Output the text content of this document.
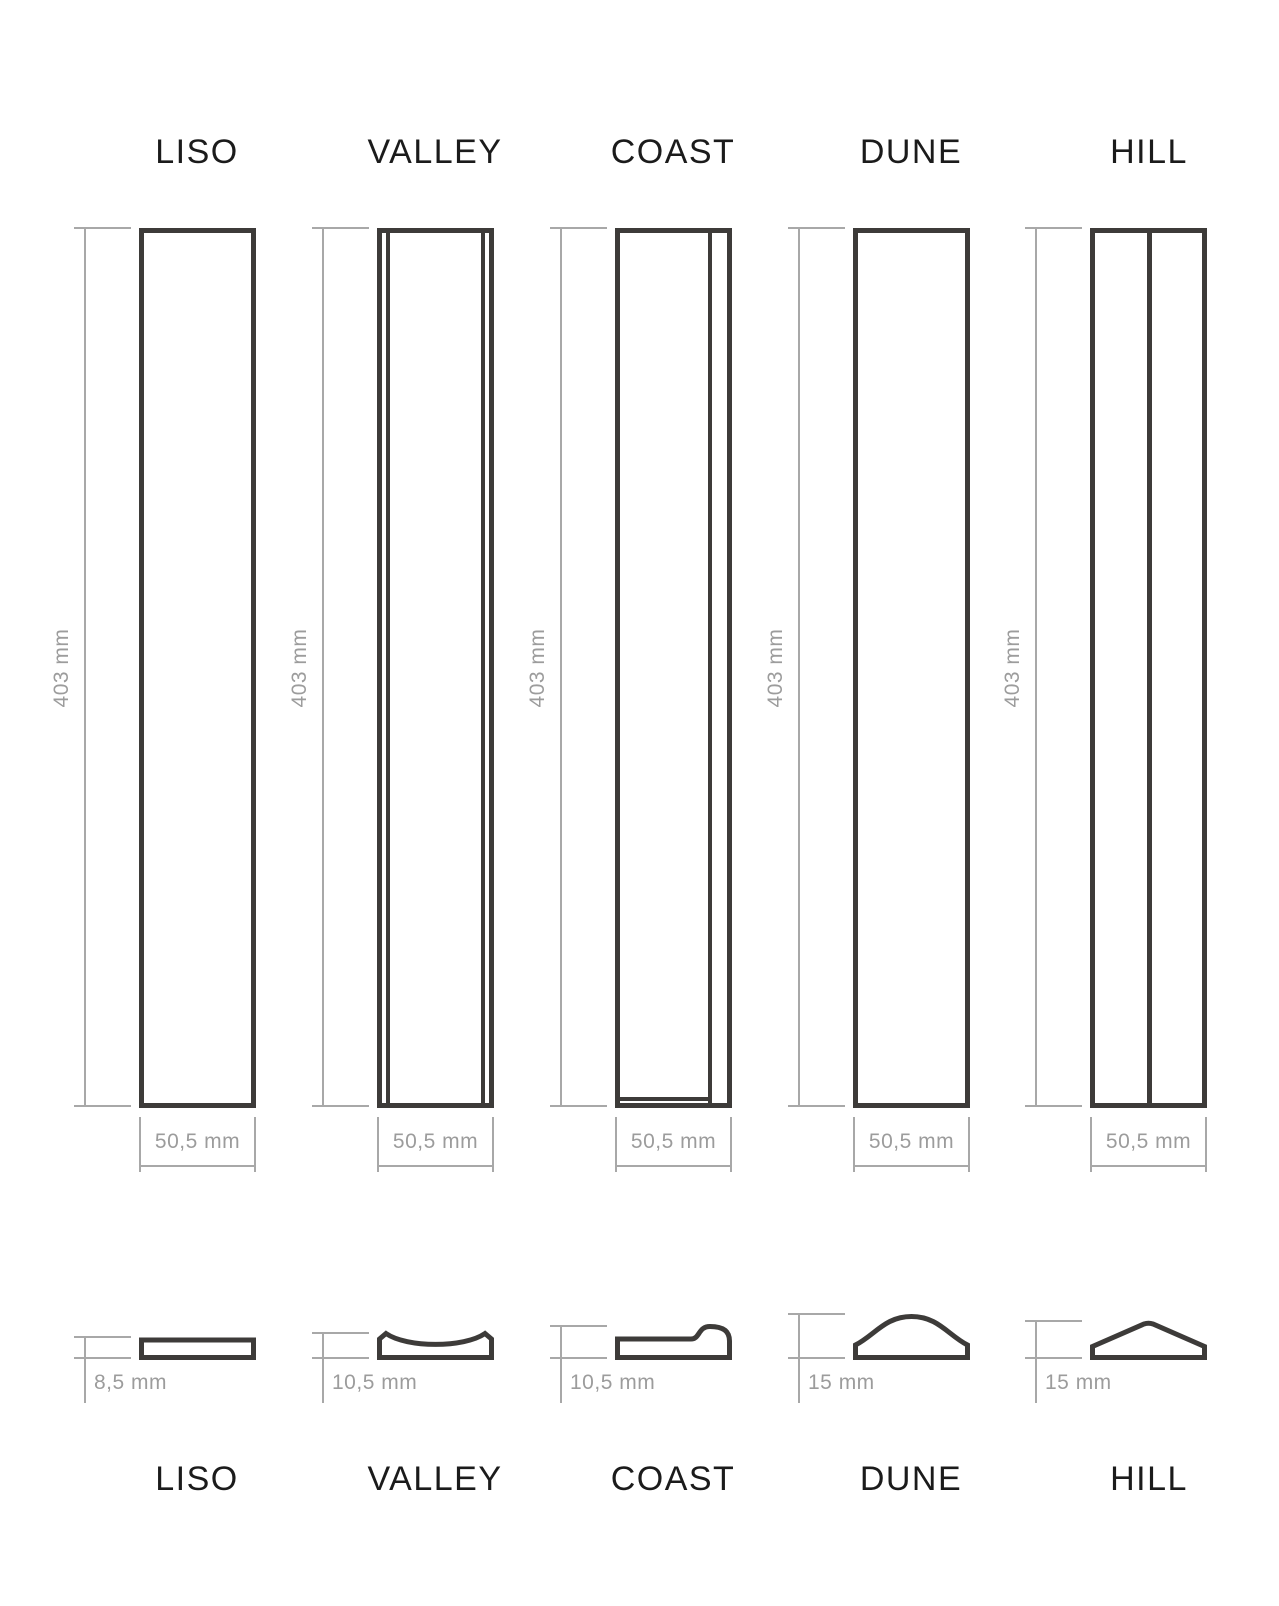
LISO
403 mm
50,5 mm
8,5 mm
LISO
VALLEY
403 mm
50,5 mm
10,5 mm
VALLEY
COAST
403 mm
50,5 mm
10,5 mm
COAST
DUNE
403 mm
50,5 mm
15 mm
DUNE
HILL
403 mm
50,5 mm
15 mm
HILL
